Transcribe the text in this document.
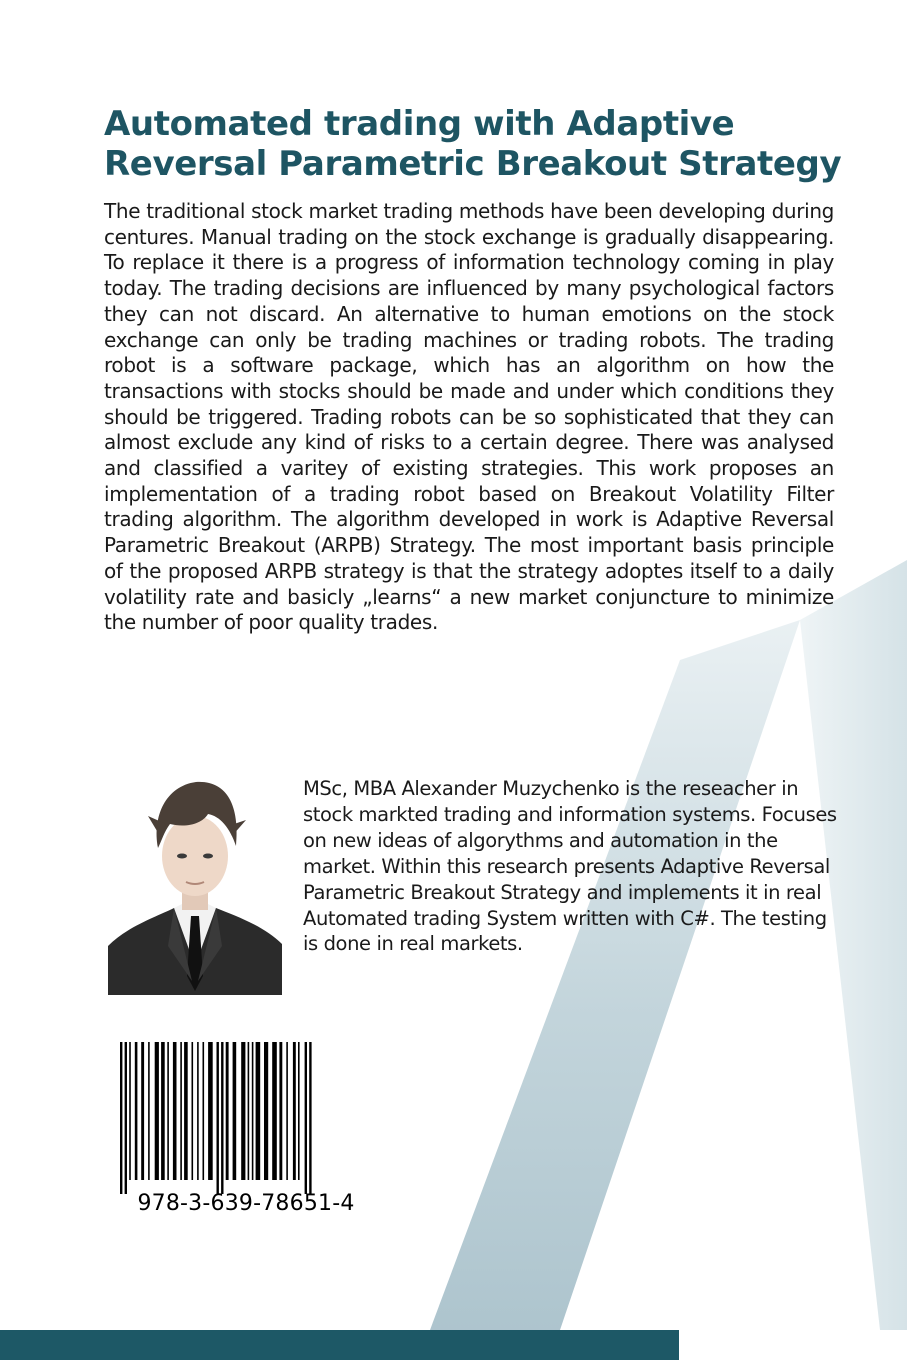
Automated trading with Adaptive
Reversal Parametric Breakout Strategy

The traditional stock market trading methods have been developing during centures. Manual trading on the stock exchange is gradually disappearing. To replace it there is a progress of information technology coming in play today. The trading decisions are influenced by many psychological factors they can not discard. An alternative to human emotions on the stock exchange can only be trading machines or trading robots. The trading robot is a software package, which has an algorithm on how the transactions with stocks should be made and under which conditions they should be triggered. Trading robots can be so sophisticated that they can almost exclude any kind of risks to a certain degree. There was analysed and classified a varitey of existing strategies. This work proposes an implementation of a trading robot based on Breakout Volatility Filter trading algorithm. The algorithm developed in work is Adaptive Reversal Parametric Breakout (ARPB) Strategy. The most important basis principle of the proposed ARPB strategy is that the strategy adoptes itself to a daily volatility rate and basicly „learns“ a new market conjuncture to minimize the number of poor quality trades.

MSc, MBA Alexander Muzychenko is the reseacher in stock markted trading and information systems. Focuses on new ideas of algorythms and automation in the market. Within this research presents Adaptive Reversal Parametric Breakout Strategy and implements it in real Automated trading System written with C#. The testing is done in real markets.

978-3-639-78651-4
